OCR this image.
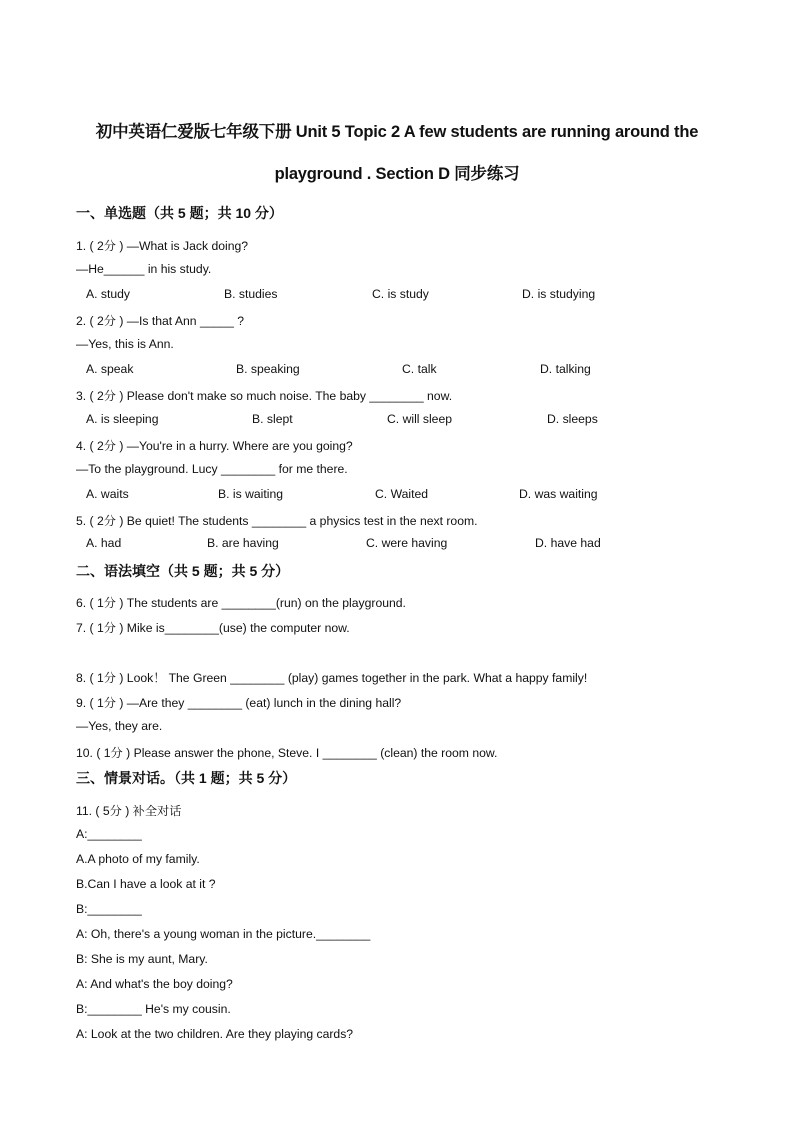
初中英语仁爱版七年级下册 Unit 5 Topic 2 A few students are running around the
playground . Section D 同步练习

一、单选题（共 5 题；共 10 分）

1. ( 2分 ) —What is Jack doing?

—He______ in his study.

A. study	B. studies	C. is study	D. is studying

2. ( 2分 ) —Is that Ann _____ ?

—Yes, this is Ann.

A. speak	B. speaking	C. talk	D. talking

3. ( 2分 ) Please don't make so much noise. The baby ________ now.

A. is sleeping	B. slept	C. will sleep	D. sleeps

4. ( 2分 ) —You're in a hurry. Where are you going?

—To the playground. Lucy ________ for me there.

A. waits	B. is waiting	C. Waited	D. was waiting

5. ( 2分 ) Be quiet! The students ________ a physics test in the next room.

A. had	B. are having	C. were having	D. have had

二、语法填空（共 5 题；共 5 分）

6. ( 1分 ) The students are ________(run) on the playground.

7. ( 1分 ) Mike is________(use) the computer now.

8. ( 1分 ) Look！ The Green ________ (play) games together in the park. What a happy family!

9. ( 1分 ) —Are they ________ (eat) lunch in the dining hall?

—Yes, they are.

10. ( 1分 ) Please answer the phone, Steve. I ________ (clean) the room now.

三、情景对话。（共 1 题；共 5 分）

11. ( 5分 ) 补全对话

A:________

A.A photo of my family.

B.Can I have a look at it ?

B:________

A: Oh, there's a young woman in the picture.________

B: She is my aunt, Mary.

A: And what's the boy doing?

B:________ He's my cousin.

A: Look at the two children. Are they playing cards?
